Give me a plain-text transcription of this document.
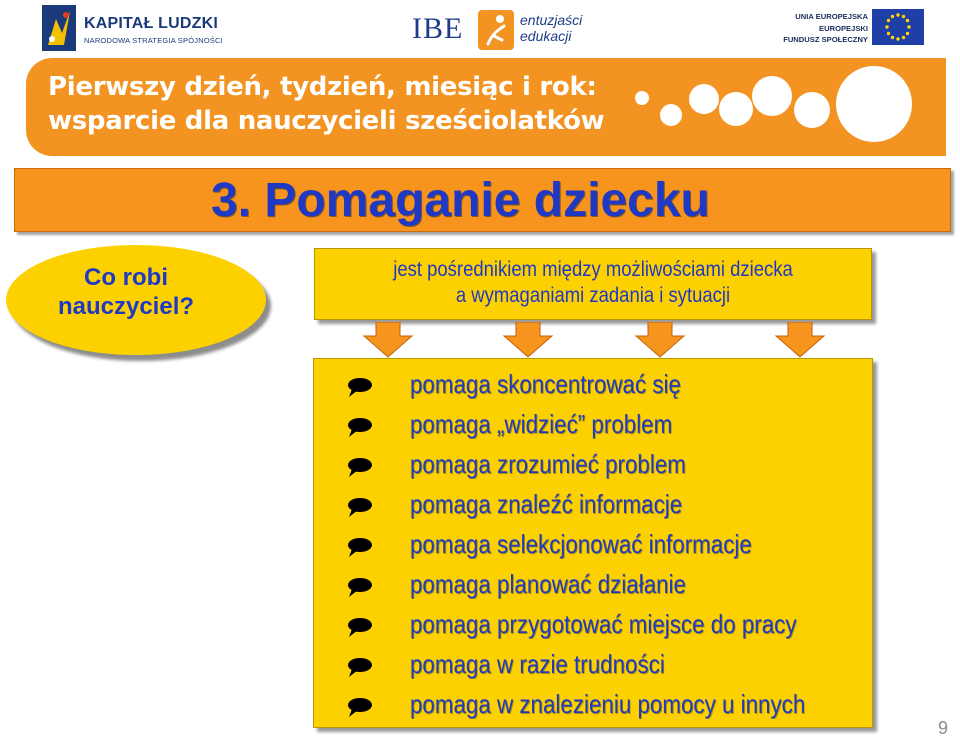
KAPITAŁ LUDZKI
NARODOWA STRATEGIA SPÓJNOŚCI	IBE	entuzjaści
edukacji
UNIA EUROPEJSKA
EUROPEJSKI
FUNDUSZ SPOŁECZNY
Pierwszy dzień, tydzień, miesiąc i rok:
wsparcie dla nauczycieli sześciolatków
3. Pomaganie dziecku
Co robi
nauczyciel?
jest pośrednikiem między możliwościami dziecka
a wymaganiami zadania i sytuacji
pomaga skoncentrować się
pomaga „widzieć” problem
pomaga zrozumieć problem
pomaga znaleźć informacje
pomaga selekcjonować informacje
pomaga planować działanie
pomaga przygotować miejsce do pracy
pomaga w razie trudności
pomaga w znalezieniu pomocy u innych
9
